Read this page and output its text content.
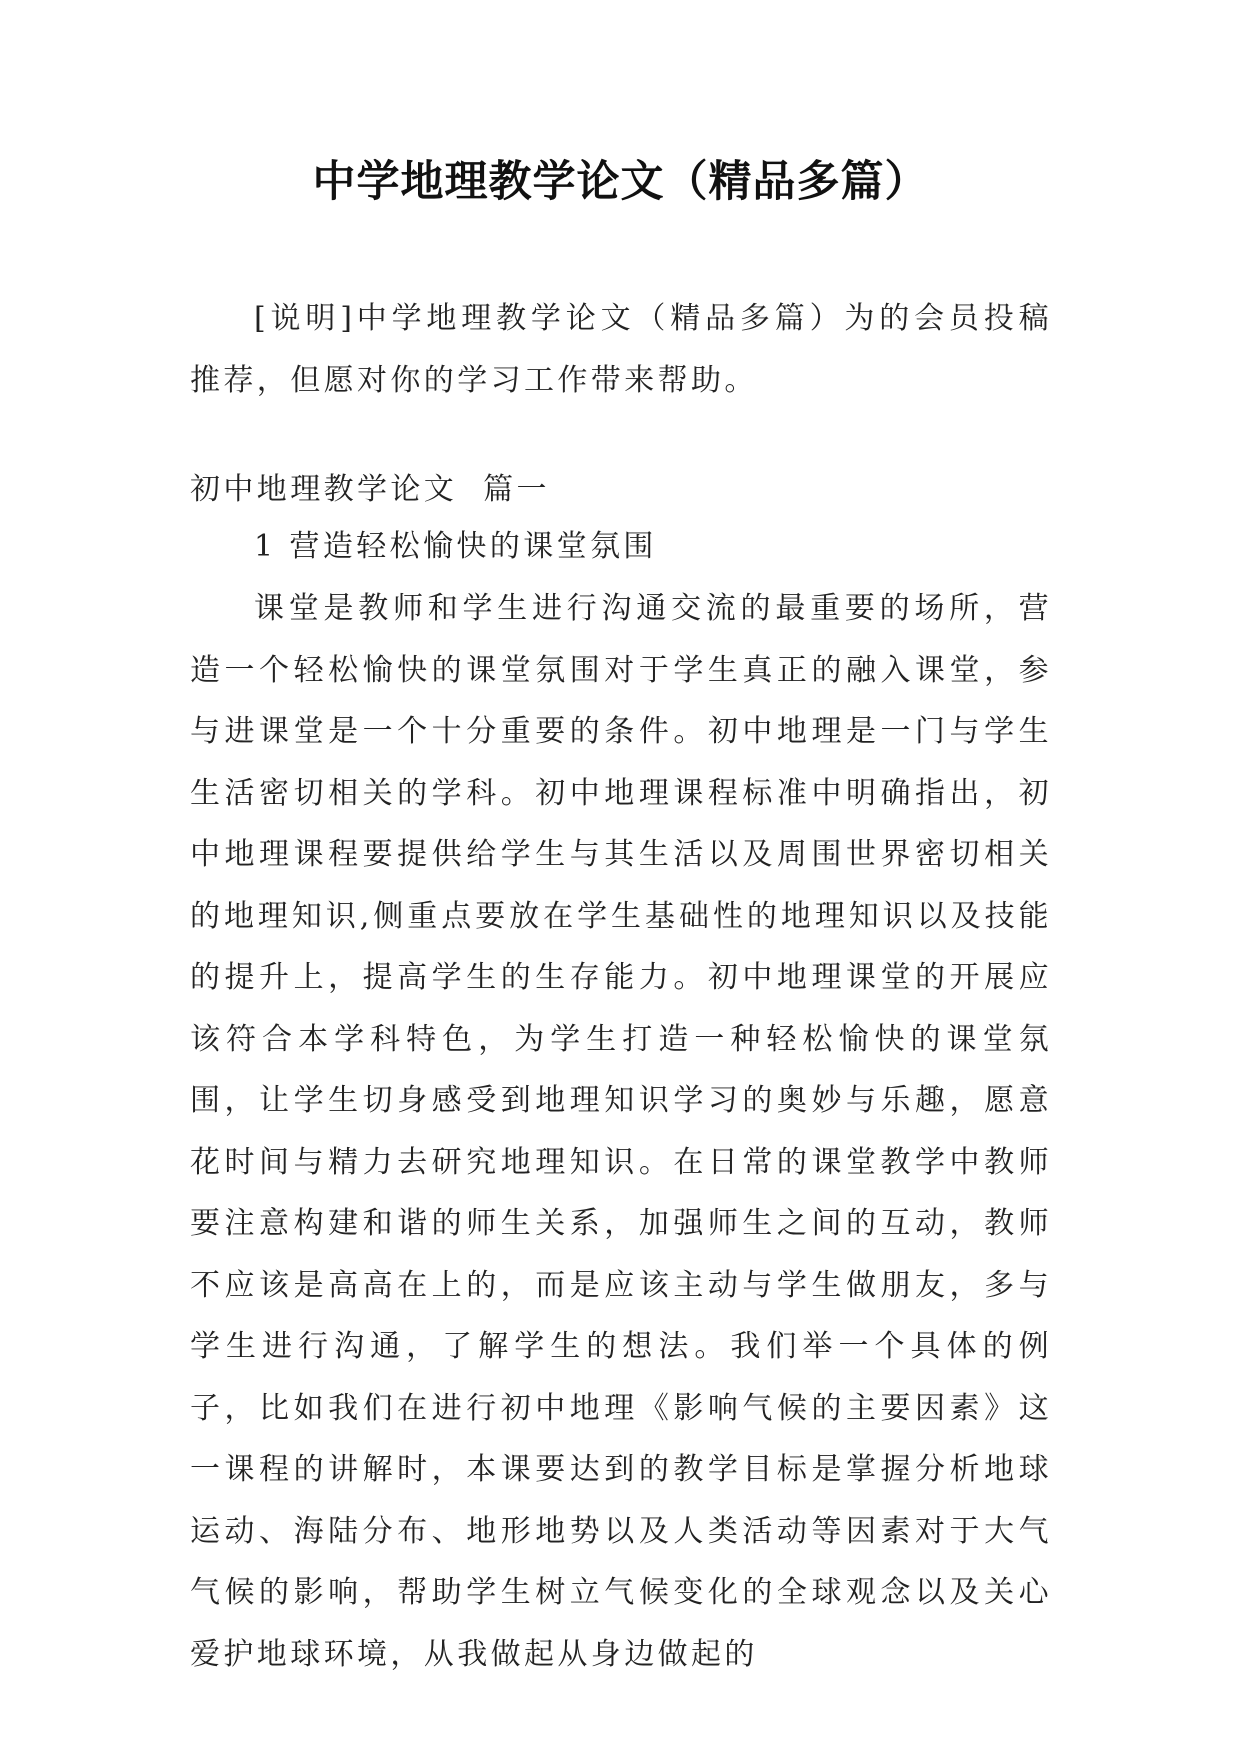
中学地理教学论文（精品多篇）
[说明]中学地理教学论文（精品多篇）为的会员投稿推荐，但愿对你的学习工作带来帮助。
初中地理教学论文  篇一
1 营造轻松愉快的课堂氛围
课堂是教师和学生进行沟通交流的最重要的场所，营造一个轻松愉快的课堂氛围对于学生真正的融入课堂，参与进课堂是一个十分重要的条件。初中地理是一门与学生生活密切相关的学科。初中地理课程标准中明确指出，初中地理课程要提供给学生与其生活以及周围世界密切相关的地理知识,侧重点要放在学生基础性的地理知识以及技能的提升上，提高学生的生存能力。初中地理课堂的开展应该符合本学科特色，为学生打造一种轻松愉快的课堂氛围，让学生切身感受到地理知识学习的奥妙与乐趣，愿意花时间与精力去研究地理知识。在日常的课堂教学中教师要注意构建和谐的师生关系，加强师生之间的互动，教师不应该是高高在上的，而是应该主动与学生做朋友，多与学生进行沟通，了解学生的想法。我们举一个具体的例子，比如我们在进行初中地理《影响气候的主要因素》这一课程的讲解时，本课要达到的教学目标是掌握分析地球运动、海陆分布、地形地势以及人类活动等因素对于大气气候的影响，帮助学生树立气候变化的全球观念以及关心爱护地球环境，从我做起从身边做起的
